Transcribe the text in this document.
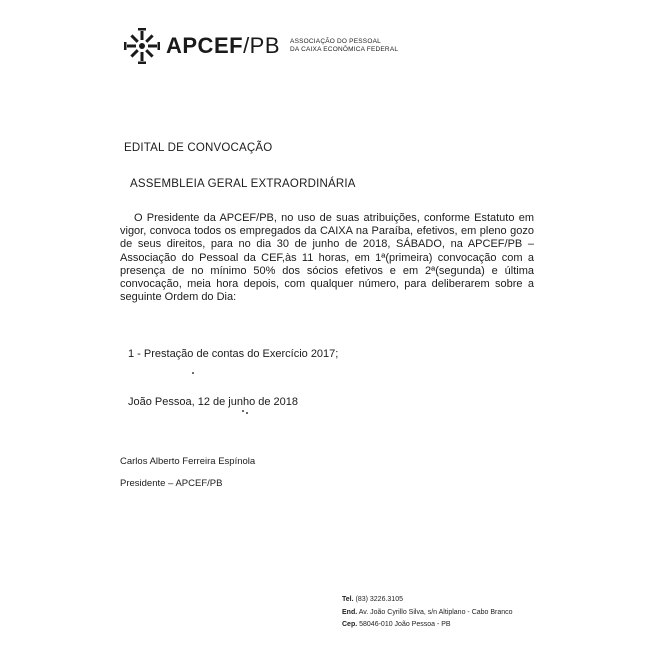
APCEF/PB ASSOCIAÇÃO DO PESSOAL
DA CAIXA ECONÔMICA FEDERAL
EDITAL DE CONVOCAÇÃO
ASSEMBLEIA GERAL EXTRAORDINÁRIA
O Presidente da APCEF/PB, no uso de suas atribuições, conforme Estatuto em vigor, convoca todos os empregados da CAIXA na Paraíba, efetivos, em pleno gozo de seus direitos, para no dia 30 de junho de 2018, SÁBADO, na APCEF/PB – Associação do Pessoal da CEF,às 11 horas, em 1ª(primeira) convocação com a presença de no mínimo 50% dos sócios efetivos e em 2ª(segunda) e última convocação, meia hora depois, com qualquer número, para deliberarem sobre a seguinte Ordem do Dia:
1 - Prestação de contas do Exercício 2017;
João Pessoa, 12 de junho de 2018
Carlos Alberto Ferreira Espínola
Presidente – APCEF/PB
Tel. (83) 3226.3105
End. Av. João Cyrillo Silva, s/n Altiplano - Cabo Branco
Cep. 58046-010 João Pessoa - PB
